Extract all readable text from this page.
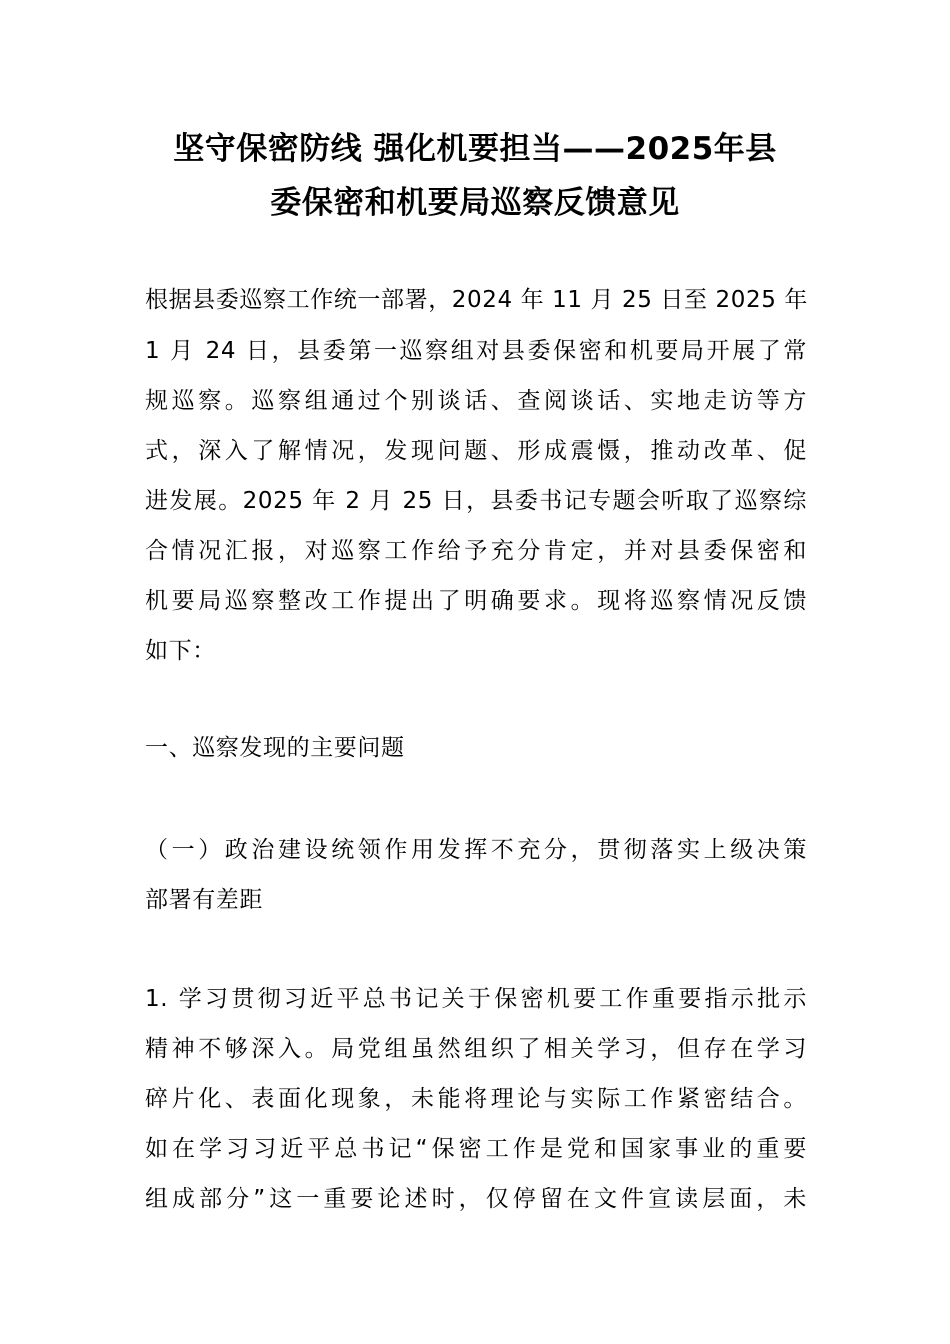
坚守保密防线 强化机要担当——2025年县
委保密和机要局巡察反馈意见
根据县委巡察工作统一部署，2024 年 11 月 25 日至 2025 年
1 月 24 日，县委第一巡察组对县委保密和机要局开展了常
规巡察。巡察组通过个别谈话、查阅谈话、实地走访等方
式，深入了解情况，发现问题、形成震慑，推动改革、促
进发展。2025 年 2 月 25 日，县委书记专题会听取了巡察综
合情况汇报，对巡察工作给予充分肯定，并对县委保密和
机要局巡察整改工作提出了明确要求。现将巡察情况反馈
如下：
一、巡察发现的主要问题
（一）政治建设统领作用发挥不充分，贯彻落实上级决策
部署有差距
1. 学习贯彻习近平总书记关于保密机要工作重要指示批示
精神不够深入。局党组虽然组织了相关学习，但存在学习
碎片化、表面化现象，未能将理论与实际工作紧密结合。
如在学习习近平总书记“保密工作是党和国家事业的重要
组成部分”这一重要论述时，仅停留在文件宣读层面，未
